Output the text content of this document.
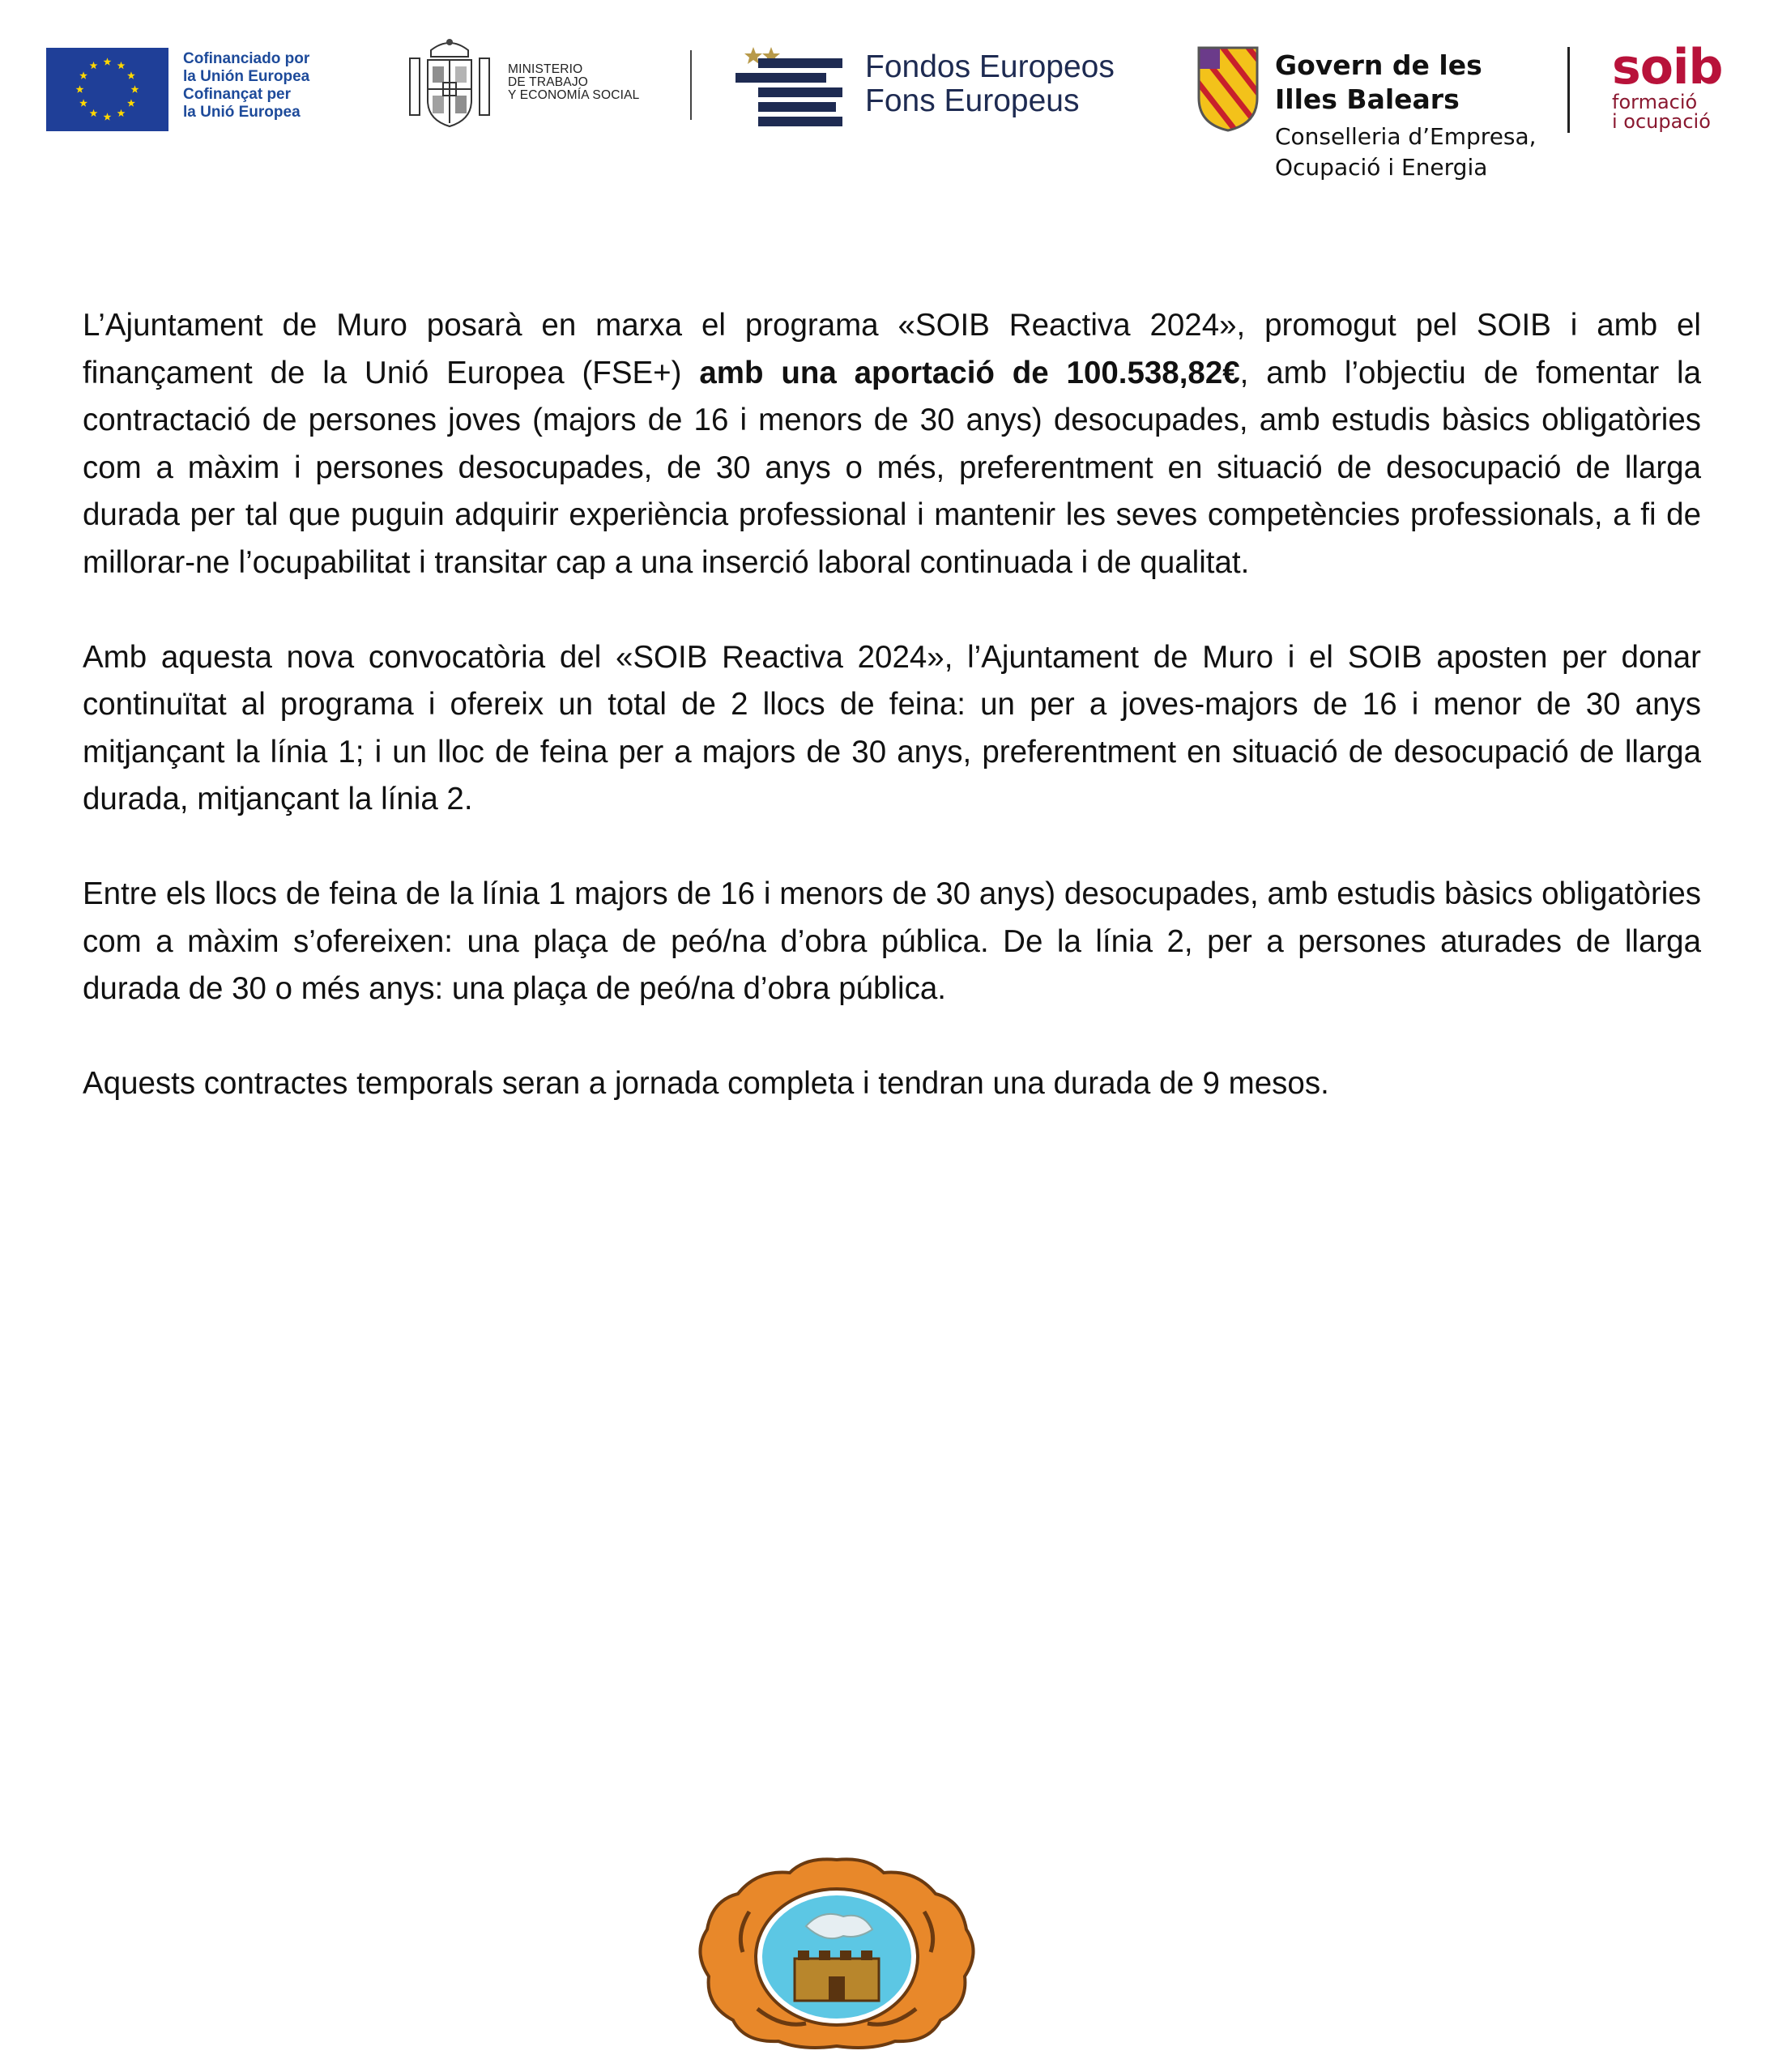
Cofinanciado por
la Unión Europea
Cofinançat per
la Unió Europea
MINISTERIO
DE TRABAJO
Y ECONOMÍA SOCIAL
Fondos Europeos
Fons Europeus
Govern de les
Illes Balears
Conselleria d’Empresa,
Ocupació i Energia
soib
formació
i ocupació

L’Ajuntament de Muro posarà en marxa el programa «SOIB Reactiva 2024», promogut pel SOIB i amb el finançament de la Unió Europea (FSE+) amb una aportació de 100.538,82€, amb l’objectiu de fomentar la contractació de persones joves (majors de 16 i menors de 30 anys) desocupades, amb estudis bàsics obligatòries com a màxim i persones desocupades, de 30 anys o més, preferentment en situació de desocupació de llarga durada per tal que puguin adquirir experiència professional i mantenir les seves competències professionals, a fi de millorar-ne l’ocupabilitat i transitar cap a una inserció laboral continuada i de qualitat.

Amb aquesta nova convocatòria del «SOIB Reactiva 2024», l’Ajuntament de Muro i el SOIB aposten per donar continuïtat al programa i ofereix un total de 2 llocs de feina: un per a joves-majors de 16 i menor de 30 anys mitjançant la línia 1; i un lloc de feina per a majors de 30 anys, preferentment en situació de desocupació de llarga durada, mitjançant la línia 2.

Entre els llocs de feina de la línia 1 majors de 16 i menors de 30 anys) desocupades, amb estudis bàsics obligatòries com a màxim s’ofereixen: una plaça de peó/na d’obra pública. De la línia 2, per a persones aturades de llarga durada de 30 o més anys: una plaça de peó/na d’obra pública.

Aquests contractes temporals seran a jornada completa i tendran una durada de 9 mesos.
